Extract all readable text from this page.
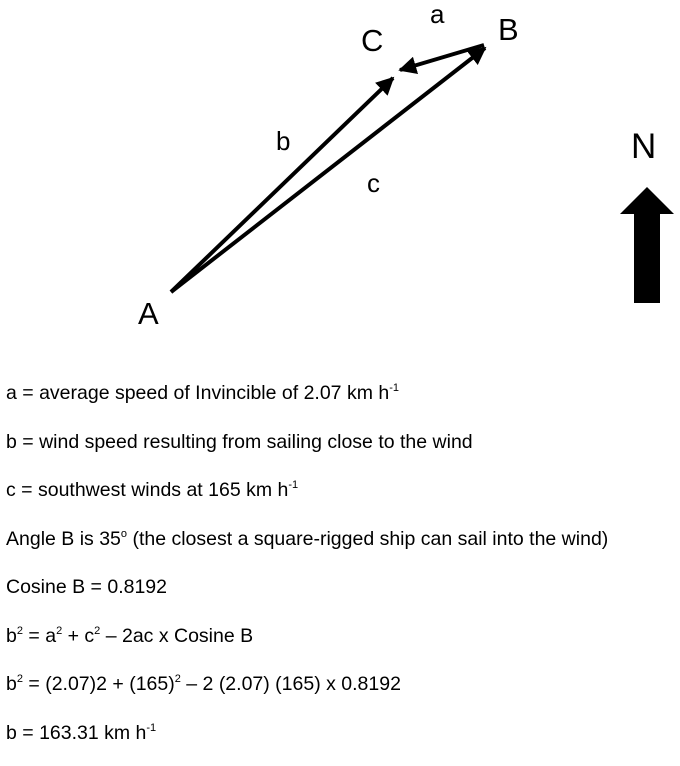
A
B
C
a
b
c
N
a = average speed of Invincible of 2.07 km $h^{-1}$
b = wind speed resulting from sailing close to the wind
c = southwest winds at 165 km $h^{-1}$
Angle B is 35$^o$ (the closest a square-rigged ship can sail into the wind)
Cosine B = 0.8192
$b^2 = a^2 + c^2 - 2ac$ x Cosine B
$b^2 = (2.07)2 + (165)^2 - 2$ (2.07) (165) x 0.8192
b = 163.31 km $h^{-1}$
